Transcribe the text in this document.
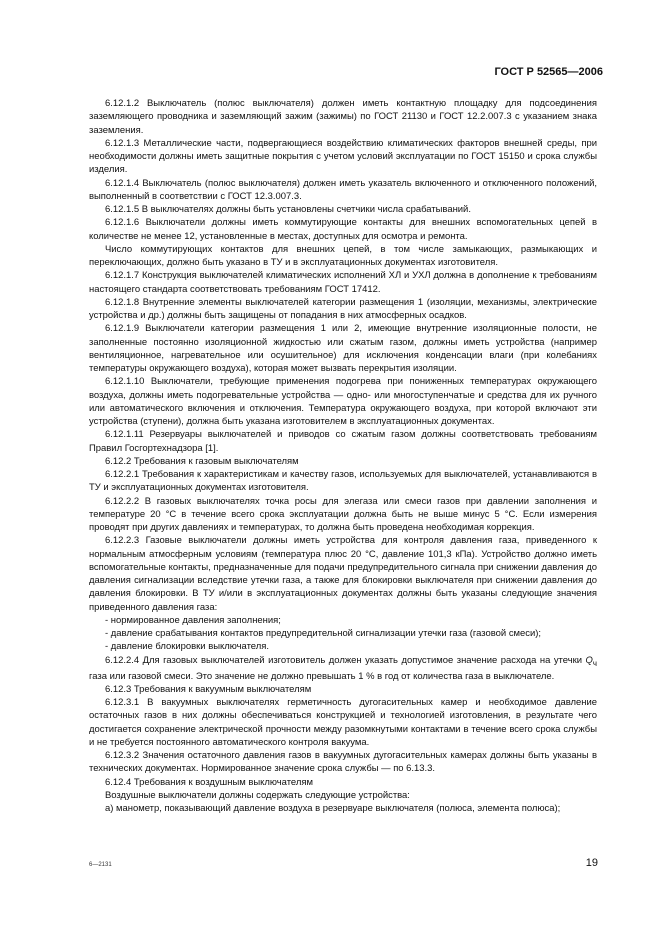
ГОСТ Р 52565—2006

6.12.1.2 Выключатель (полюс выключателя) должен иметь контактную площадку для подсоединения заземляющего проводника и заземляющий зажим (зажимы) по ГОСТ 21130 и ГОСТ 12.2.007.3 с указанием знака заземления.

6.12.1.3 Металлические части, подвергающиеся воздействию климатических факторов внешней среды, при необходимости должны иметь защитные покрытия с учетом условий эксплуатации по ГОСТ 15150 и срока службы изделия.

6.12.1.4 Выключатель (полюс выключателя) должен иметь указатель включенного и отключенного положений, выполненный в соответствии с ГОСТ 12.3.007.3.

6.12.1.5 В выключателях должны быть установлены счетчики числа срабатываний.

6.12.1.6 Выключатели должны иметь коммутирующие контакты для внешних вспомогательных цепей в количестве не менее 12, установленные в местах, доступных для осмотра и ремонта.

Число коммутирующих контактов для внешних цепей, в том числе замыкающих, размыкающих и переключающих, должно быть указано в ТУ и в эксплуатационных документах изготовителя.

6.12.1.7 Конструкция выключателей климатических исполнений ХЛ и УХЛ должна в дополнение к требованиям настоящего стандарта соответствовать требованиям ГОСТ 17412.

6.12.1.8 Внутренние элементы выключателей категории размещения 1 (изоляции, механизмы, электрические устройства и др.) должны быть защищены от попадания в них атмосферных осадков.

6.12.1.9 Выключатели категории размещения 1 или 2, имеющие внутренние изоляционные полости, не заполненные постоянно изоляционной жидкостью или сжатым газом, должны иметь устройства (например вентиляционное, нагревательное или осушительное) для исключения конденсации влаги (при колебаниях температуры окружающего воздуха), которая может вызвать перекрытия изоляции.

6.12.1.10 Выключатели, требующие применения подогрева при пониженных температурах окружающего воздуха, должны иметь подогревательные устройства — одно- или многоступенчатые и средства для их ручного или автоматического включения и отключения. Температура окружающего воздуха, при которой включают эти устройства (ступени), должна быть указана изготовителем в эксплуатационных документах.

6.12.1.11 Резервуары выключателей и приводов со сжатым газом должны соответствовать требованиям Правил Госгортехнадзора [1].

6.12.2 Требования к газовым выключателям

6.12.2.1 Требования к характеристикам и качеству газов, используемых для выключателей, устанавливаются в ТУ и эксплуатационных документах изготовителя.

6.12.2.2 В газовых выключателях точка росы для элегаза или смеси газов при давлении заполнения и температуре 20 °С в течение всего срока эксплуатации должна быть не выше минус 5 °С. Если измерения проводят при других давлениях и температурах, то должна быть проведена необходимая коррекция.

6.12.2.3 Газовые выключатели должны иметь устройства для контроля давления газа, приведенного к нормальным атмосферным условиям (температура плюс 20 °С, давление 101,3 кПа). Устройство должно иметь вспомогательные контакты, предназначенные для подачи предупредительного сигнала при снижении давления до давления сигнализации вследствие утечки газа, а также для блокировки выключателя при снижении давления до давления блокировки. В ТУ и/или в эксплуатационных документах должны быть указаны следующие значения приведенного давления газа:

- нормированное давления заполнения;

- давление срабатывания контактов предупредительной сигнализации утечки газа (газовой смеси);

- давление блокировки выключателя.

6.12.2.4 Для газовых выключателей изготовитель должен указать допустимое значение расхода на утечки $Q_ч$ газа или газовой смеси. Это значение не должно превышать 1 % в год от количества газа в выключателе.

6.12.3 Требования к вакуумным выключателям

6.12.3.1 В вакуумных выключателях герметичность дугогасительных камер и необходимое давление остаточных газов в них должны обеспечиваться конструкцией и технологией изготовления, в результате чего достигается сохранение электрической прочности между разомкнутыми контактами в течение всего срока службы и не требуется постоянного автоматического контроля вакуума.

6.12.3.2 Значения остаточного давления газов в вакуумных дугогасительных камерах должны быть указаны в технических документах. Нормированное значение срока службы — по 6.13.3.

6.12.4 Требования к воздушным выключателям

Воздушные выключатели должны содержать следующие устройства:

а) манометр, показывающий давление воздуха в резервуаре выключателя (полюса, элемента полюса);

6—2131	19
